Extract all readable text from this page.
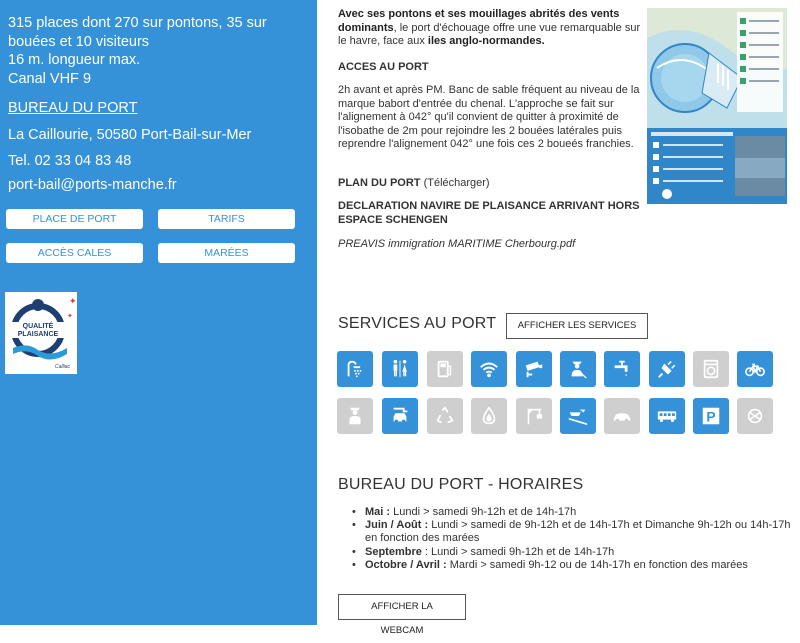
315 places dont 270 sur pontons, 35 sur bouées et 10 visiteurs
16 m. longueur max.
Canal VHF 9
BUREAU DU PORT
La Caillourie, 50580 Port-Bail-sur-Mer
Tel. 02 33 04 83 48
port-bail@ports-manche.fr
PLACE DE PORT	TARIFS
ACCÈS CALES	MARÉES
QUALITÉ
PLAISANCE
✦
✦
Calliac
Avec ses pontons et ses mouillages abrités des vents dominants, le port d'échouage offre une vue remarquable sur le havre, face aux iles anglo-normandes.
ACCES AU PORT
2h avant et après PM. Banc de sable fréquent au niveau de la marque babort d'entrée du chenal. L'approche se fait sur l'alignement à 042° qu'il convient de quitter à proximité de l'isobathe de 2m pour rejoindre les 2 bouées latérales puis reprendre l'alignement 042° une fois ces 2 boueés franchies.
PLAN DU PORT (Télécharger)
DECLARATION NAVIRE DE PLAISANCE ARRIVANT HORS ESPACE SCHENGEN
PREAVIS immigration MARITIME Cherbourg.pdf
SERVICES AU PORT	AFFICHER LES SERVICES
P
BUREAU DU PORT - HORAIRES
• Mai : Lundi > samedi 9h-12h et de 14h-17h
• Juin / Août : Lundi > samedi de 9h-12h et de 14h-17h et Dimanche 9h-12h ou 14h-17h en fonction des marées
• Septembre : Lundi > samedi 9h-12h et de 14h-17h
• Octobre / Avril : Mardi > samedi 9h-12 ou de 14h-17h en fonction des marées
AFFICHER LA WEBCAM
